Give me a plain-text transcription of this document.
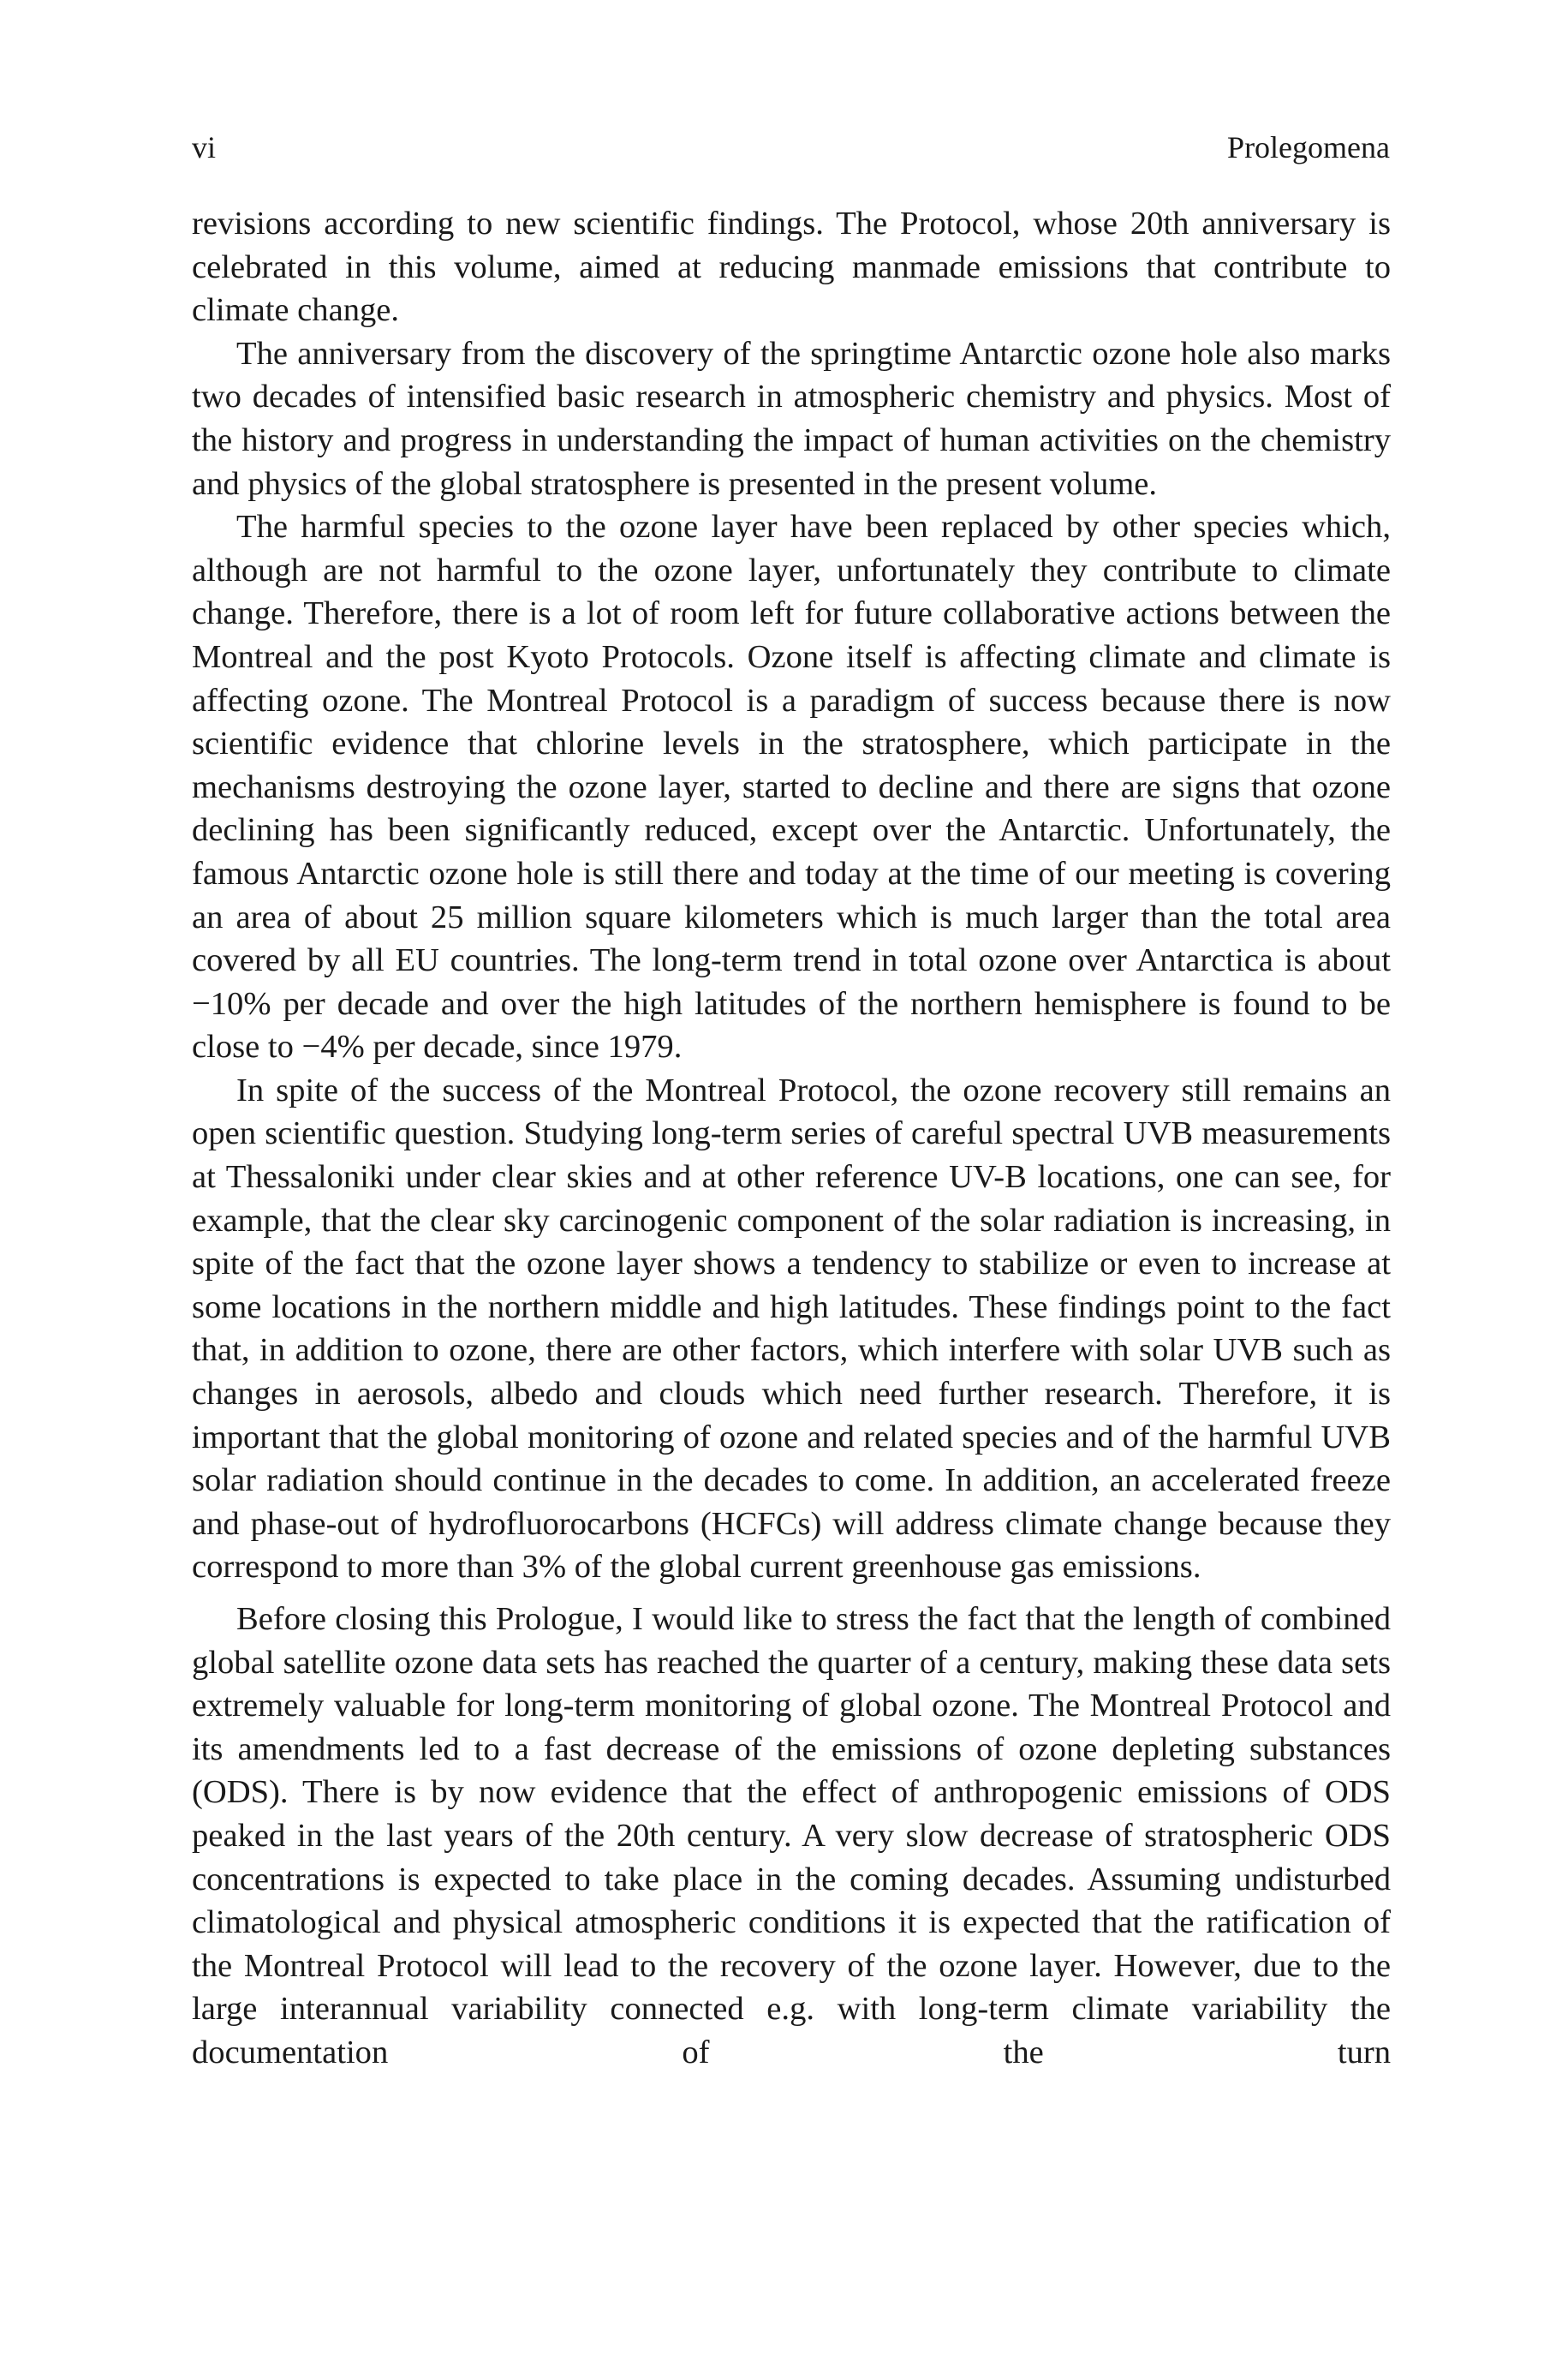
vi	Prolegomena

revisions according to new scientific findings. The Protocol, whose 20th anniversary is celebrated in this volume, aimed at reducing manmade emissions that contribute to climate change.

The anniversary from the discovery of the springtime Antarctic ozone hole also marks two decades of intensified basic research in atmospheric chemistry and physics. Most of the history and progress in understanding the impact of human activities on the chemistry and physics of the global stratosphere is presented in the present volume.

The harmful species to the ozone layer have been replaced by other species which, although are not harmful to the ozone layer, unfortunately they contribute to climate change. Therefore, there is a lot of room left for future collaborative actions between the Montreal and the post Kyoto Protocols. Ozone itself is affecting climate and climate is affecting ozone. The Montreal Protocol is a paradigm of success because there is now scientific evidence that chlorine levels in the stratosphere, which participate in the mechanisms destroying the ozone layer, started to decline and there are signs that ozone declining has been significantly reduced, except over the Antarctic. Unfortunately, the famous Antarctic ozone hole is still there and today at the time of our meeting is covering an area of about 25 million square kilometers which is much larger than the total area covered by all EU countries. The long-term trend in total ozone over Antarctica is about −10% per decade and over the high latitudes of the northern hemisphere is found to be close to −4% per decade, since 1979.

In spite of the success of the Montreal Protocol, the ozone recovery still remains an open scientific question. Studying long-term series of careful spectral UVB measurements at Thessaloniki under clear skies and at other reference UV-B locations, one can see, for example, that the clear sky carcinogenic component of the solar radiation is increasing, in spite of the fact that the ozone layer shows a tendency to stabilize or even to increase at some locations in the northern middle and high latitudes. These findings point to the fact that, in addition to ozone, there are other factors, which interfere with solar UVB such as changes in aerosols, albedo and clouds which need further research. Therefore, it is important that the global monitoring of ozone and related species and of the harmful UVB solar radiation should continue in the decades to come. In addition, an accelerated freeze and phase-out of hydrofluorocarbons (HCFCs) will address climate change because they correspond to more than 3% of the global current greenhouse gas emissions.

Before closing this Prologue, I would like to stress the fact that the length of combined global satellite ozone data sets has reached the quarter of a century, making these data sets extremely valuable for long-term monitoring of global ozone. The Montreal Protocol and its amendments led to a fast decrease of the emissions of ozone depleting substances (ODS). There is by now evidence that the effect of anthropogenic emissions of ODS peaked in the last years of the 20th century. A very slow decrease of stratospheric ODS concentrations is expected to take place in the coming decades. Assuming undisturbed climatological and physical atmospheric conditions it is expected that the ratification of the Montreal Protocol will lead to the recovery of the ozone layer. However, due to the large interannual variability connected e.g. with long-term climate variability the documentation of the turn
